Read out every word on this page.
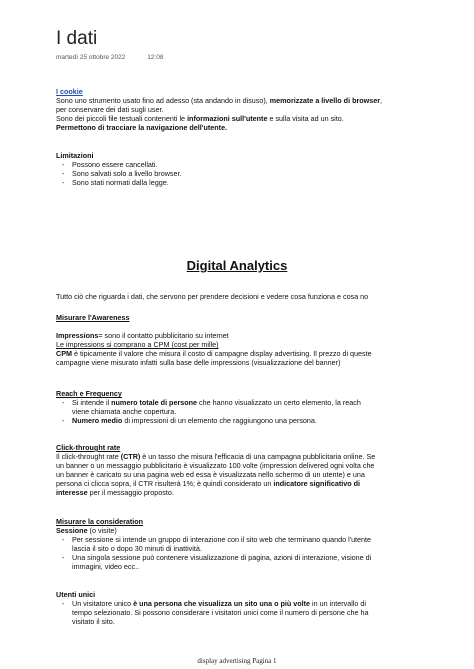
I dati
martedì 25 ottobre 2022	12:08

I cookie

Sono uno strumento usato fino ad adesso (sta andando in disuso), memorizzate a livello di browser,

per conservare dei dati sugli user.

Sono dei piccoli file testuali contenenti le informazioni sull'utente e sulla visita ad un sito.

Permettono di tracciare la navigazione dell'utente.

Limitazioni

- Possono essere cancellati.
- Sono salvati solo a livello browser.
- Sono stati normati dalla legge.
Digital Analytics
Tutto ciò che riguarda i dati, che servono per prendere decisioni e vedere cosa funziona e cosa no

Misurare l'Awareness

Impressions= sono il contatto pubblicitario su internet

Le impressions si comprano a CPM (cost per mille)

CPM è tipicamente il valore che misura il costo di campagne display advertising. Il prezzo di queste

campagne viene misurato infatti sulla base delle impressions (visualizzazione del banner)

Reach e Frequency

- Si intende il numero totale di persone che hanno visualizzato un certo elemento, la reach
viene chiamata anche copertura.
- Numero medio di impressioni di un elemento che raggiungono una persona.

Click-throught rate

Il click-throught rate (CTR) è un tasso che misura l'efficacia di una campagna pubblicitaria online. Se

un banner o un messaggio pubblicitario è visualizzato 100 volte (impression delivered ogni volta che

un banner è caricato su una pagina web ed essa è visualizzata nello schermo di un utente) e una

persona ci clicca sopra, il CTR risulterà 1%; è quindi considerato un indicatore significativo di

interesse per il messaggio proposto.

Misurare la consideration

Sessione (o visite)

- Per sessione si intende un gruppo di interazione con il sito web che terminano quando l'utente
lascia il sito o dopo 30 minuti di inattività.
- Una singola sessione può contenere visualizzazione di pagina, azioni di interazione, visione di
immagini, video ecc..

Utenti unici

- Un visitatore unico è una persona che visualizza un sito una o più volte in un intervallo di
tempo selezionato. Si possono considerare i visitatori unici come il numero di persone che ha
visitato il sito.
display advertising Pagina 1
